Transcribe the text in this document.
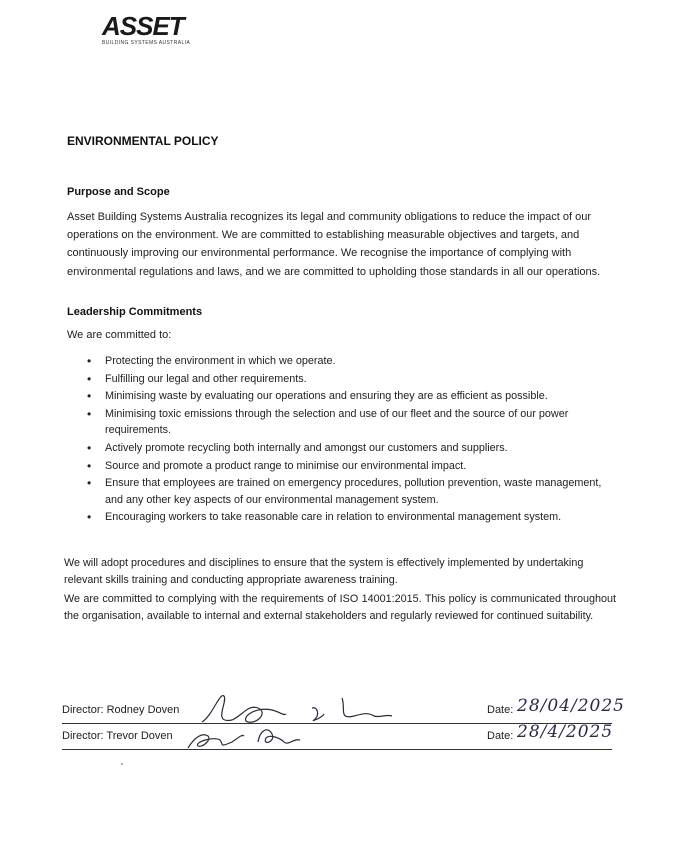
ASSET
BUILDING SYSTEMS AUSTRALIA
ENVIRONMENTAL POLICY
Purpose and Scope
Asset Building Systems Australia recognizes its legal and community obligations to reduce the impact of our operations on the environment. We are committed to establishing measurable objectives and targets, and continuously improving our environmental performance. We recognise the importance of complying with environmental regulations and laws, and we are committed to upholding those standards in all our operations.
Leadership Commitments
We are committed to:
• Protecting the environment in which we operate.
• Fulfilling our legal and other requirements.
• Minimising waste by evaluating our operations and ensuring they are as efficient as possible.
• Minimising toxic emissions through the selection and use of our fleet and the source of our power requirements.
• Actively promote recycling both internally and amongst our customers and suppliers.
• Source and promote a product range to minimise our environmental impact.
• Ensure that employees are trained on emergency procedures, pollution prevention, waste management, and any other key aspects of our environmental management system.
• Encouraging workers to take reasonable care in relation to environmental management system.
We will adopt procedures and disciplines to ensure that the system is effectively implemented by undertaking relevant skills training and conducting appropriate awareness training.
We are committed to complying with the requirements of ISO 14001:2015. This policy is communicated throughout the organisation, available to internal and external stakeholders and regularly reviewed for continued suitability.
Director: Rodney Doven	Date: 28/04/2025
Director: Trevor Doven	Date: 28/4/2025
